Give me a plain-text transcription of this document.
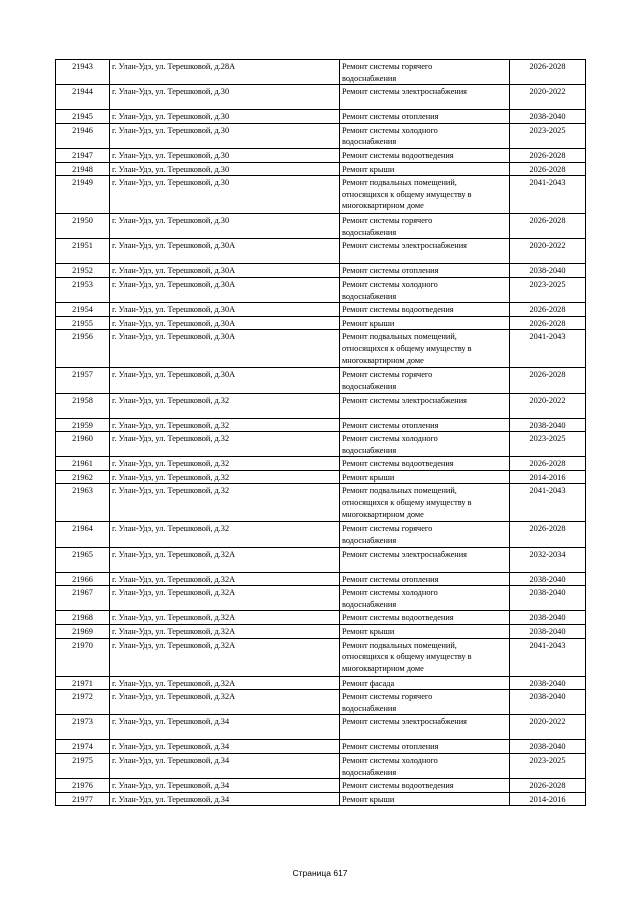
21943	г. Улан-Удэ, ул. Терешковой, д.28А	Ремонт системы горячего
водоснабжения	2026-2028
21944	г. Улан-Удэ, ул. Терешковой, д.30	Ремонт системы электроснабжения	2020-2022
21945	г. Улан-Удэ, ул. Терешковой, д.30	Ремонт системы отопления	2038-2040
21946	г. Улан-Удэ, ул. Терешковой, д.30	Ремонт системы холодного
водоснабжения	2023-2025
21947	г. Улан-Удэ, ул. Терешковой, д.30	Ремонт системы водоотведения	2026-2028
21948	г. Улан-Удэ, ул. Терешковой, д.30	Ремонт крыши	2026-2028
21949	г. Улан-Удэ, ул. Терешковой, д.30	Ремонт подвальных помещений,
относящихся к общему имуществу в
многоквартирном доме	2041-2043
21950	г. Улан-Удэ, ул. Терешковой, д.30	Ремонт системы горячего
водоснабжения	2026-2028
21951	г. Улан-Удэ, ул. Терешковой, д.30А	Ремонт системы электроснабжения	2020-2022
21952	г. Улан-Удэ, ул. Терешковой, д.30А	Ремонт системы отопления	2038-2040
21953	г. Улан-Удэ, ул. Терешковой, д.30А	Ремонт системы холодного
водоснабжения	2023-2025
21954	г. Улан-Удэ, ул. Терешковой, д.30А	Ремонт системы водоотведения	2026-2028
21955	г. Улан-Удэ, ул. Терешковой, д.30А	Ремонт крыши	2026-2028
21956	г. Улан-Удэ, ул. Терешковой, д.30А	Ремонт подвальных помещений,
относящихся к общему имуществу в
многоквартирном доме	2041-2043
21957	г. Улан-Удэ, ул. Терешковой, д.30А	Ремонт системы горячего
водоснабжения	2026-2028
21958	г. Улан-Удэ, ул. Терешковой, д.32	Ремонт системы электроснабжения	2020-2022
21959	г. Улан-Удэ, ул. Терешковой, д.32	Ремонт системы отопления	2038-2040
21960	г. Улан-Удэ, ул. Терешковой, д.32	Ремонт системы холодного
водоснабжения	2023-2025
21961	г. Улан-Удэ, ул. Терешковой, д.32	Ремонт системы водоотведения	2026-2028
21962	г. Улан-Удэ, ул. Терешковой, д.32	Ремонт крыши	2014-2016
21963	г. Улан-Удэ, ул. Терешковой, д.32	Ремонт подвальных помещений,
относящихся к общему имуществу в
многоквартирном доме	2041-2043
21964	г. Улан-Удэ, ул. Терешковой, д.32	Ремонт системы горячего
водоснабжения	2026-2028
21965	г. Улан-Удэ, ул. Терешковой, д.32А	Ремонт системы электроснабжения	2032-2034
21966	г. Улан-Удэ, ул. Терешковой, д.32А	Ремонт системы отопления	2038-2040
21967	г. Улан-Удэ, ул. Терешковой, д.32А	Ремонт системы холодного
водоснабжения	2038-2040
21968	г. Улан-Удэ, ул. Терешковой, д.32А	Ремонт системы водоотведения	2038-2040
21969	г. Улан-Удэ, ул. Терешковой, д.32А	Ремонт крыши	2038-2040
21970	г. Улан-Удэ, ул. Терешковой, д.32А	Ремонт подвальных помещений,
относящихся к общему имуществу в
многоквартирном доме	2041-2043
21971	г. Улан-Удэ, ул. Терешковой, д.32А	Ремонт фасада	2038-2040
21972	г. Улан-Удэ, ул. Терешковой, д.32А	Ремонт системы горячего
водоснабжения	2038-2040
21973	г. Улан-Удэ, ул. Терешковой, д.34	Ремонт системы электроснабжения	2020-2022
21974	г. Улан-Удэ, ул. Терешковой, д.34	Ремонт системы отопления	2038-2040
21975	г. Улан-Удэ, ул. Терешковой, д.34	Ремонт системы холодного
водоснабжения	2023-2025
21976	г. Улан-Удэ, ул. Терешковой, д.34	Ремонт системы водоотведения	2026-2028
21977	г. Улан-Удэ, ул. Терешковой, д.34	Ремонт крыши	2014-2016
Страница 617
